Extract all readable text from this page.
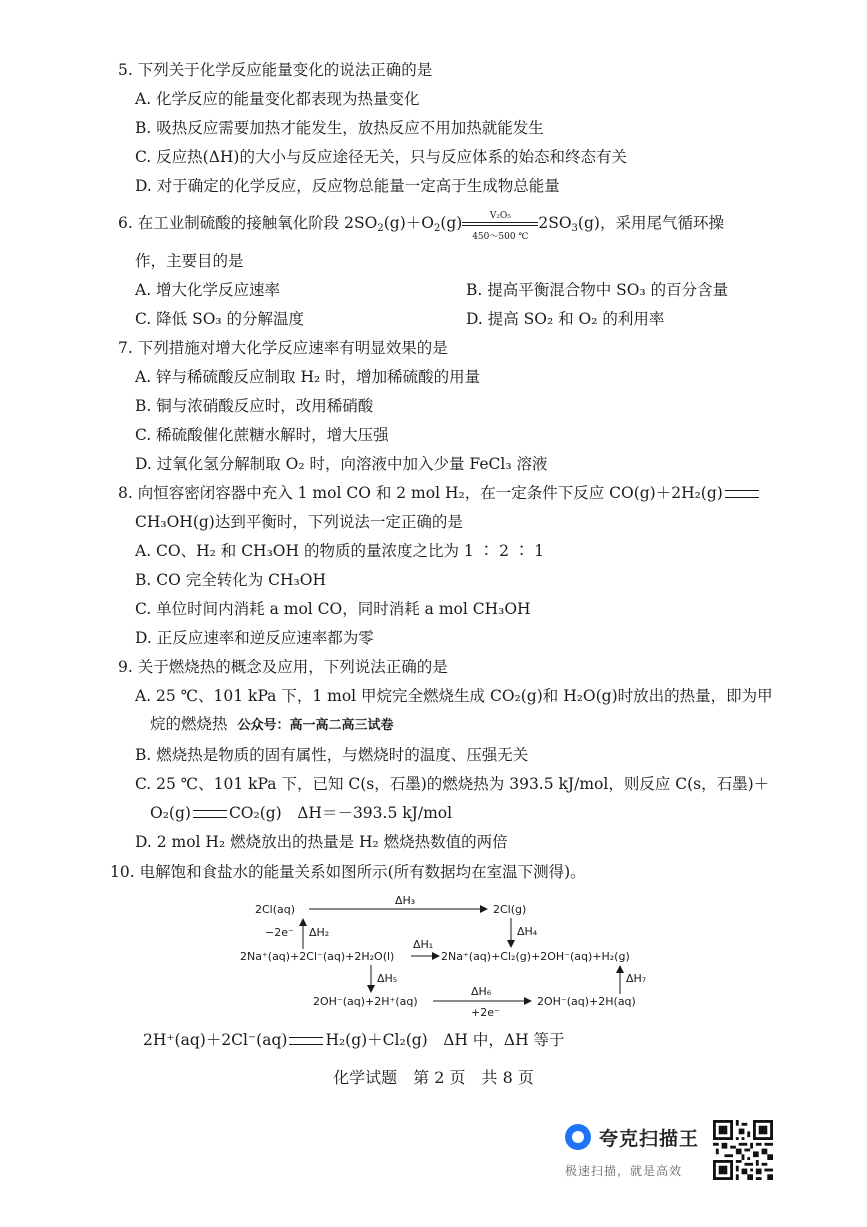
5. 下列关于化学反应能量变化的说法正确的是
A. 化学反应的能量变化都表现为热量变化
B. 吸热反应需要加热才能发生，放热反应不用加热就能发生
C. 反应热(ΔH)的大小与反应途径无关，只与反应体系的始态和终态有关
D. 对于确定的化学反应，反应物总能量一定高于生成物总能量
6. 在工业制硫酸的接触氧化阶段 $2SO_2(g)+O_2(g) \frac{\text{V₂O₅}}{450\sim 500 ℃} 2SO_3(g)$，采用尾气循环操
作，主要目的是
A. 增大化学反应速率	B. 提高平衡混合物中 SO₃ 的百分含量
C. 降低 SO₃ 的分解温度	D. 提高 SO₂ 和 O₂ 的利用率
7. 下列措施对增大化学反应速率有明显效果的是
A. 锌与稀硫酸反应制取 H₂ 时，增加稀硫酸的用量
B. 铜与浓硝酸反应时，改用稀硝酸
C. 稀硫酸催化蔗糖水解时，增大压强
D. 过氧化氢分解制取 O₂ 时，向溶液中加入少量 FeCl₃ 溶液
8. 向恒容密闭容器中充入 1 mol CO 和 2 mol H₂，在一定条件下反应 CO(g)＋2H₂(g)
CH₃OH(g)达到平衡时，下列说法一定正确的是
A. CO、H₂ 和 CH₃OH 的物质的量浓度之比为 1 ∶ 2 ∶ 1
B. CO 完全转化为 CH₃OH
C. 单位时间内消耗 a mol CO，同时消耗 a mol CH₃OH
D. 正反应速率和逆反应速率都为零
9. 关于燃烧热的概念及应用，下列说法正确的是
A. 25 ℃、101 kPa 下，1 mol 甲烷完全燃烧生成 CO₂(g)和 H₂O(g)时放出的热量，即为甲
烷的燃烧热 公众号：高一高二高三试卷
B. 燃烧热是物质的固有属性，与燃烧时的温度、压强无关
C. 25 ℃、101 kPa 下，已知 C(s，石墨)的燃烧热为 393.5 kJ/mol，则反应 C(s，石墨)＋
O₂(g) CO₂(g)　ΔH＝－393.5 kJ/mol
D. 2 mol H₂ 燃烧放出的热量是 H₂ 燃烧热数值的两倍
10. 电解饱和食盐水的能量关系如图所示(所有数据均在室温下测得)。
2Cl(aq)
ΔH₃
2Cl(g)
−2e⁻ ΔH₂	ΔH₄
2Na⁺(aq)+2Cl⁻(aq)+2H₂O(l)
ΔH₁
2Na⁺(aq)+Cl₂(g)+2OH⁻(aq)+H₂(g)
ΔH₅	ΔH₇
2OH⁻(aq)+2H⁺(aq)
ΔH₆
+2e⁻
2OH⁻(aq)+2H(aq)
2H⁺(aq)＋2Cl⁻(aq) H₂(g)＋Cl₂(g)　ΔH 中，ΔH 等于
化学试题　第 2 页　共 8 页
夸克扫描王
极速扫描，就是高效
